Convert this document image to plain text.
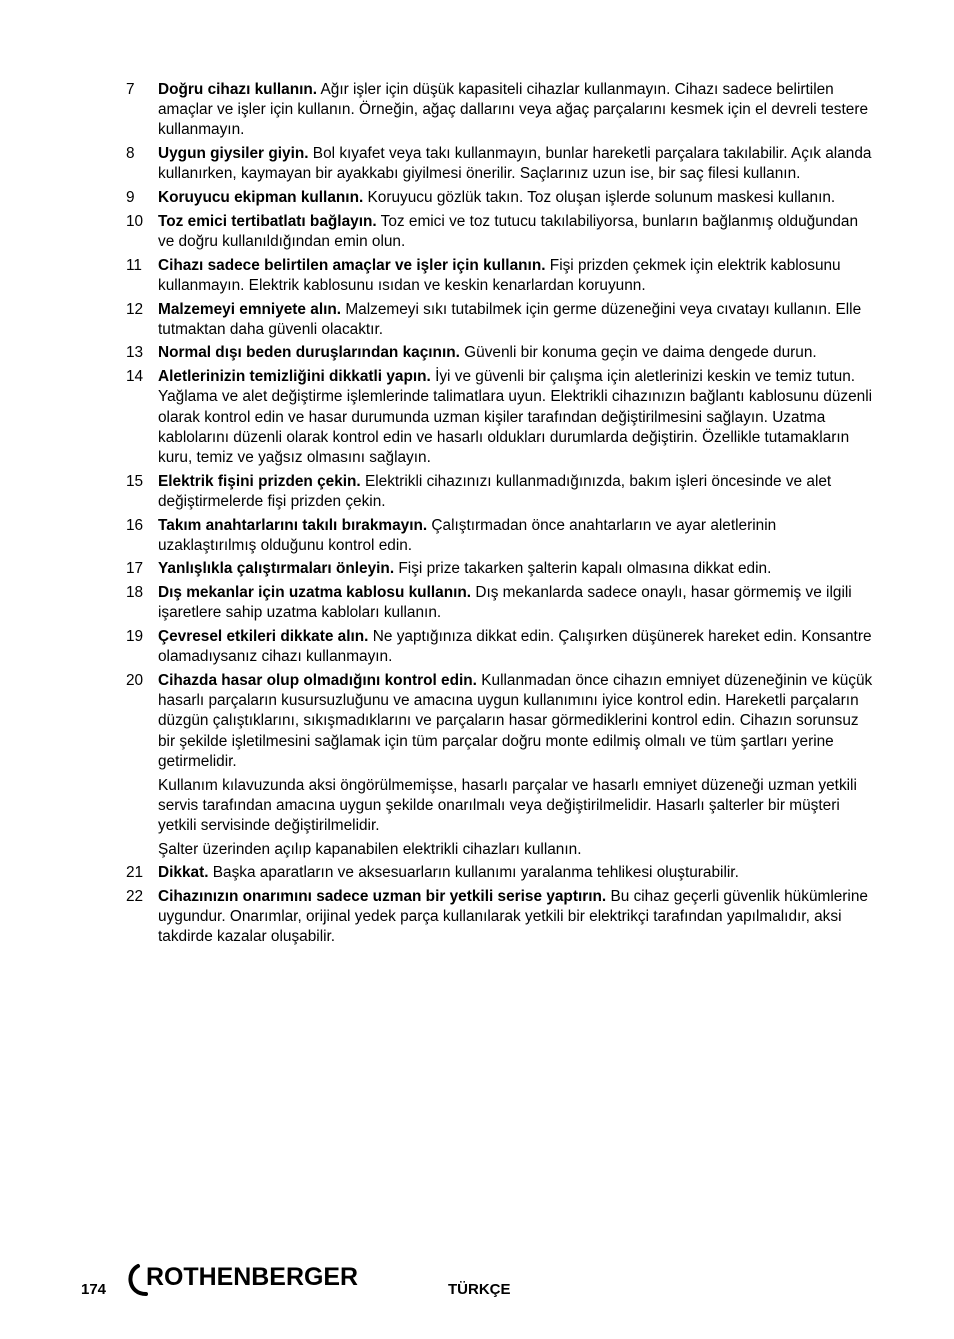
7 Doğru cihazı kullanın. Ağır işler için düşük kapasiteli cihazlar kullanmayın. Cihazı sadece belirtilen amaçlar ve işler için kullanın. Örneğin, ağaç dallarını veya ağaç parçalarını kesmek için el devreli testere kullanmayın.
8 Uygun giysiler giyin. Bol kıyafet veya takı kullanmayın, bunlar hareketli parçalara takılabilir. Açık alanda kullanırken, kaymayan bir ayakkabı giyilmesi önerilir. Saçlarınız uzun ise, bir saç filesi kullanın.
9 Koruyucu ekipman kullanın. Koruyucu gözlük takın. Toz oluşan işlerde solunum maskesi kullanın.
10 Toz emici tertibatlatı bağlayın. Toz emici ve toz tutucu takılabiliyorsa, bunların bağlanmış olduğundan ve doğru kullanıldığından emin olun.
11 Cihazı sadece belirtilen amaçlar ve işler için kullanın. Fişi prizden çekmek için elektrik kablosunu kullanmayın. Elektrik kablosunu ısıdan ve keskin kenarlardan koruyunn.
12 Malzemeyi emniyete alın. Malzemeyi sıkı tutabilmek için germe düzeneğini veya cıvatayı kullanın. Elle tutmaktan daha güvenli olacaktır.
13 Normal dışı beden duruşlarından kaçının. Güvenli bir konuma geçin ve daima dengede durun.
14 Aletlerinizin temizliğini dikkatli yapın. İyi ve güvenli bir çalışma için aletlerinizi keskin ve temiz tutun. Yağlama ve alet değiştirme işlemlerinde talimatlara uyun. Elektrikli cihazınızın bağlantı kablosunu düzenli olarak kontrol edin ve hasar durumunda uzman kişiler tarafından değiştirilmesini sağlayın. Uzatma kablolarını düzenli olarak kontrol edin ve hasarlı oldukları durumlarda değiştirin. Özellikle tutamakların kuru, temiz ve yağsız olmasını sağlayın.
15 Elektrik fişini prizden çekin. Elektrikli cihazınızı kullanmadığınızda, bakım işleri öncesinde ve alet değiştirmelerde fişi prizden çekin.
16 Takım anahtarlarını takılı bırakmayın. Çalıştırmadan önce anahtarların ve ayar aletlerinin uzaklaştırılmış olduğunu kontrol edin.
17 Yanlışlıkla çalıştırmaları önleyin. Fişi prize takarken şalterin kapalı olmasına dikkat edin.
18 Dış mekanlar için uzatma kablosu kullanın. Dış mekanlarda sadece onaylı, hasar görmemiş ve ilgili işaretlere sahip uzatma kabloları kullanın.
19 Çevresel etkileri dikkate alın. Ne yaptığınıza dikkat edin. Çalışırken düşünerek hareket edin. Konsantre olamadıysanız cihazı kullanmayın.
20 Cihazda hasar olup olmadığını kontrol edin. Kullanmadan önce cihazın emniyet düzeneğinin ve küçük hasarlı parçaların kusursuzluğunu ve amacına uygun kullanımını iyice kontrol edin. Hareketli parçaların düzgün çalıştıklarını, sıkışmadıklarını ve parçaların hasar görmediklerini kontrol edin. Cihazın sorunsuz bir şekilde işletilmesini sağlamak için tüm parçalar doğru monte edilmiş olmalı ve tüm şartları yerine getirmelidir.
Kullanım kılavuzunda aksi öngörülmemişse, hasarlı parçalar ve hasarlı emniyet düzeneği uzman yetkili servis tarafından amacına uygun şekilde onarılmalı veya değiştirilmelidir. Hasarlı şalterler bir müşteri yetkili servisinde değiştirilmelidir.
Şalter üzerinden açılıp kapanabilen elektrikli cihazları kullanın.
21 Dikkat. Başka aparatların ve aksesuarların kullanımı yaralanma tehlikesi oluşturabilir.
22 Cihazınızın onarımını sadece uzman bir yetkili serise yaptırın. Bu cihaz geçerli güvenlik hükümlerine uygundur. Onarımlar, orijinal yedek parça kullanılarak yetkili bir elektrikçi tarafından yapılmalıdır, aksi takdirde kazalar oluşabilir.
174 ROTHENBERGER	TÜRKÇE
